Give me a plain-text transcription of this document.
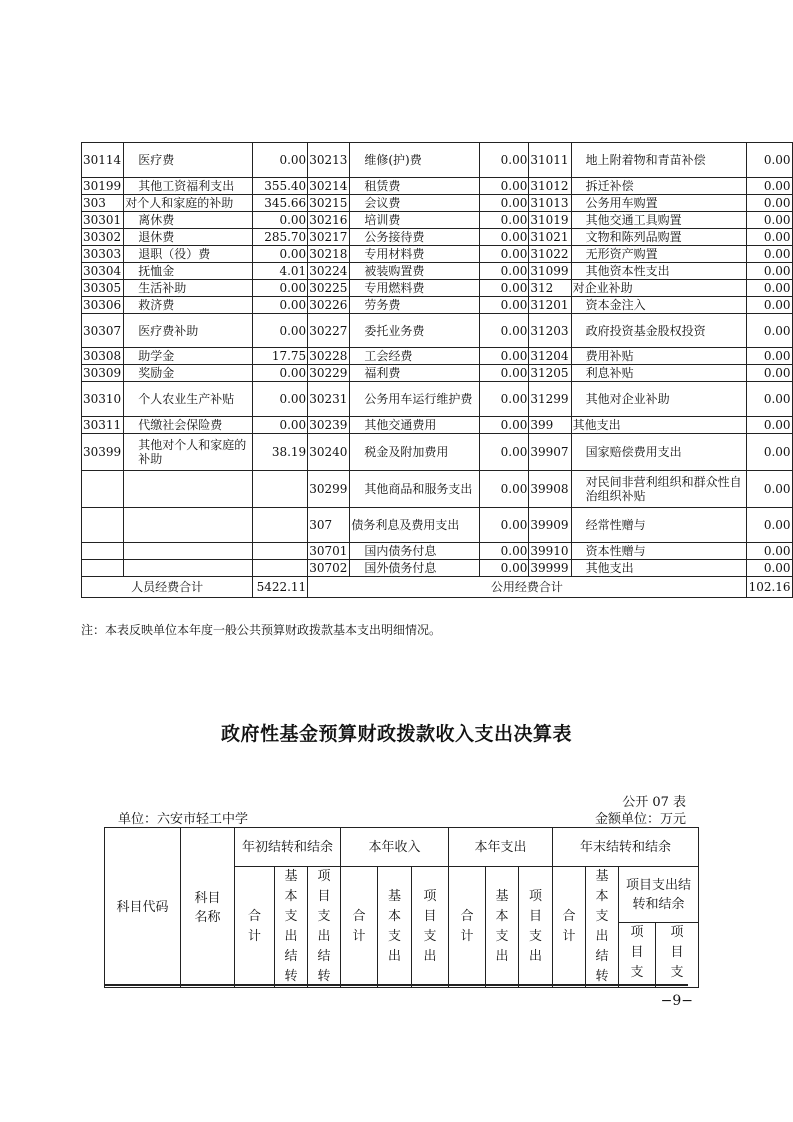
30114	医疗费	0.00	30213	维修(护)费	0.00	31011	地上附着物和青苗补偿	0.00
30199	其他工资福利支出	355.40	30214	租赁费	0.00	31012	拆迁补偿	0.00
303	对个人和家庭的补助	345.66	30215	会议费	0.00	31013	公务用车购置	0.00
30301	离休费	0.00	30216	培训费	0.00	31019	其他交通工具购置	0.00
30302	退休费	285.70	30217	公务接待费	0.00	31021	文物和陈列品购置	0.00
30303	退职（役）费	0.00	30218	专用材料费	0.00	31022	无形资产购置	0.00
30304	抚恤金	4.01	30224	被装购置费	0.00	31099	其他资本性支出	0.00
30305	生活补助	0.00	30225	专用燃料费	0.00	312	对企业补助	0.00
30306	救济费	0.00	30226	劳务费	0.00	31201	资本金注入	0.00
30307	医疗费补助	0.00	30227	委托业务费	0.00	31203	政府投资基金股权投资	0.00
30308	助学金	17.75	30228	工会经费	0.00	31204	费用补贴	0.00
30309	奖励金	0.00	30229	福利费	0.00	31205	利息补贴	0.00
30310	个人农业生产补贴	0.00	30231	公务用车运行维护费	0.00	31299	其他对企业补助	0.00
30311	代缴社会保险费	0.00	30239	其他交通费用	0.00	399	其他支出	0.00
30399	其他对个人和家庭的补助	38.19	30240	税金及附加费用	0.00	39907	国家赔偿费用支出	0.00
			30299	其他商品和服务支出	0.00	39908	对民间非营利组织和群众性自治组织补贴	0.00
			307	债务利息及费用支出	0.00	39909	经常性赠与	0.00
			30701	国内债务付息	0.00	39910	资本性赠与	0.00
			30702	国外债务付息	0.00	39999	其他支出	0.00
人员经费合计		5422.11	公用经费合计					102.16
注：本表反映单位本年度一般公共预算财政拨款基本支出明细情况。
政府性基金预算财政拨款收入支出决算表
公开 07 表
单位：六安市轻工中学	金额单位：万元
科目代码	科目名称	年初结转和结余			本年收入			本年支出			年末结转和结余			
		合计	基本支出结转	项目支出结转	合计	基本支出	项目支出	合计	基本支出	项目支出	合计	基本支出结转	项目支出结转和结余	
													项目支	项目支
−9−
